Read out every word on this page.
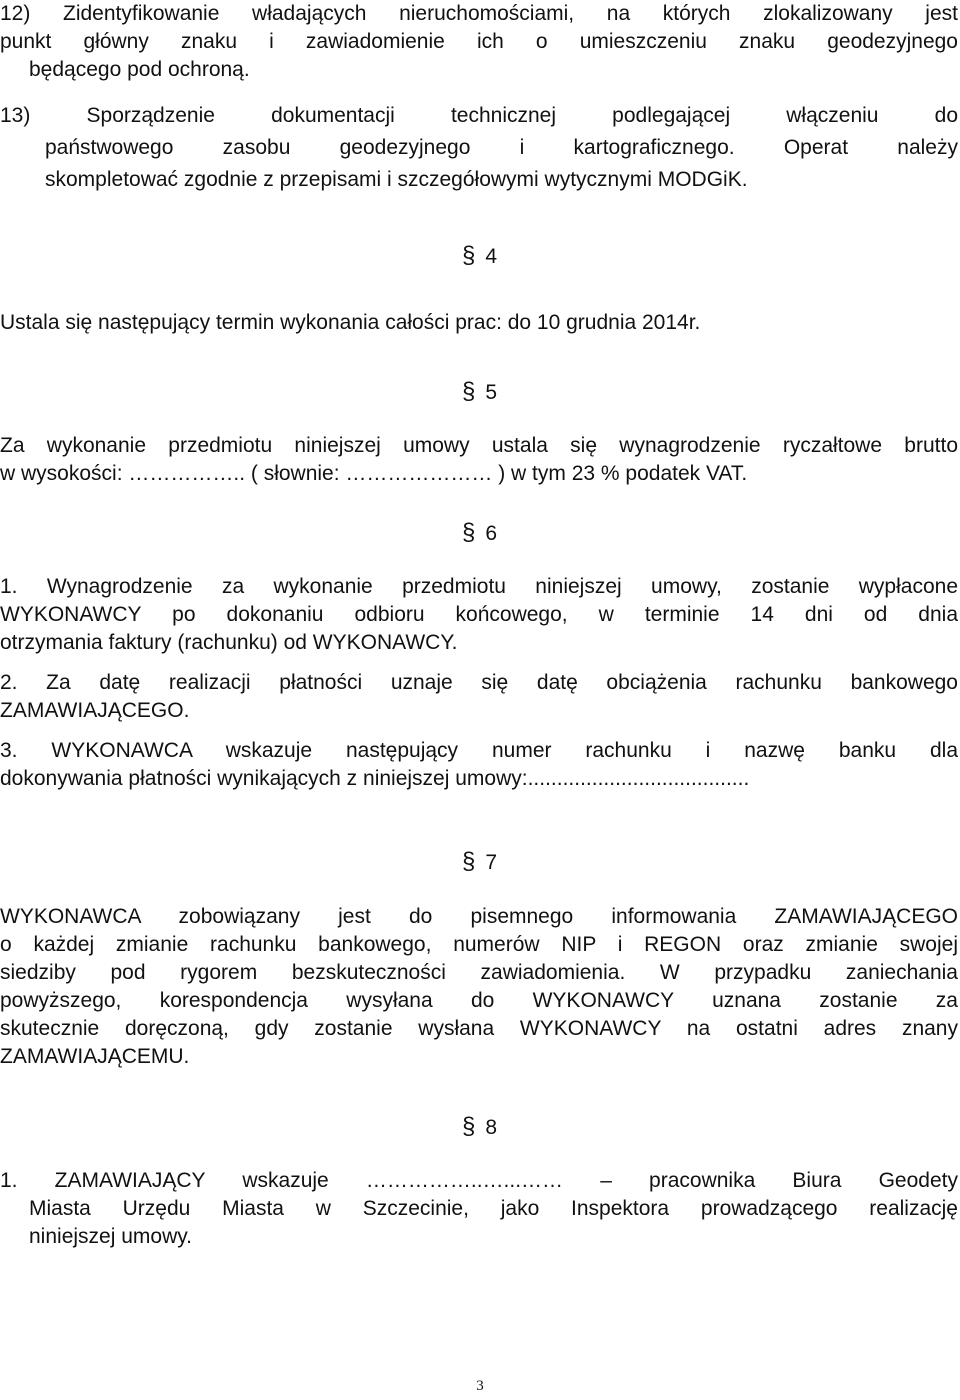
12) Zidentyfikowanie władających nieruchomościami, na których zlokalizowany jest
punkt główny znaku i zawiadomienie ich o umieszczeniu znaku geodezyjnego
będącego pod ochroną.
13) Sporządzenie dokumentacji technicznej podlegającej włączeniu do
państwowego zasobu geodezyjnego i kartograficznego. Operat należy
skompletować zgodnie z przepisami i szczegółowymi wytycznymi MODGiK.
§ 4
Ustala się następujący termin wykonania całości prac: do 10 grudnia 2014r.
§ 5
Za wykonanie przedmiotu niniejszej umowy ustala się wynagrodzenie ryczałtowe brutto
w wysokości: …………….. ( słownie: ………………… ) w tym 23 % podatek VAT.
§ 6
1. Wynagrodzenie za wykonanie przedmiotu niniejszej umowy, zostanie wypłacone
WYKONAWCY po dokonaniu odbioru końcowego, w terminie 14 dni od dnia
otrzymania faktury (rachunku) od WYKONAWCY.
2. Za datę realizacji płatności uznaje się datę obciążenia rachunku bankowego
ZAMAWIAJĄCEGO.
3. WYKONAWCA wskazuje następujący numer rachunku i nazwę banku dla
dokonywania płatności wynikających z niniejszej umowy:......................................
§ 7
WYKONAWCA zobowiązany jest do pisemnego informowania ZAMAWIAJĄCEGO
o każdej zmianie rachunku bankowego, numerów NIP i REGON oraz zmianie swojej
siedziby pod rygorem bezskuteczności zawiadomienia. W przypadku zaniechania
powyższego, korespondencja wysyłana do WYKONAWCY uznana zostanie za
skutecznie doręczoną, gdy zostanie wysłana WYKONAWCY na ostatni adres znany
ZAMAWIAJĄCEMU.
§ 8
1. ZAMAWIAJĄCY wskazuje ……………..…...…… – pracownika Biura Geodety
Miasta Urzędu Miasta w Szczecinie, jako Inspektora prowadzącego realizację
niniejszej umowy.
3
